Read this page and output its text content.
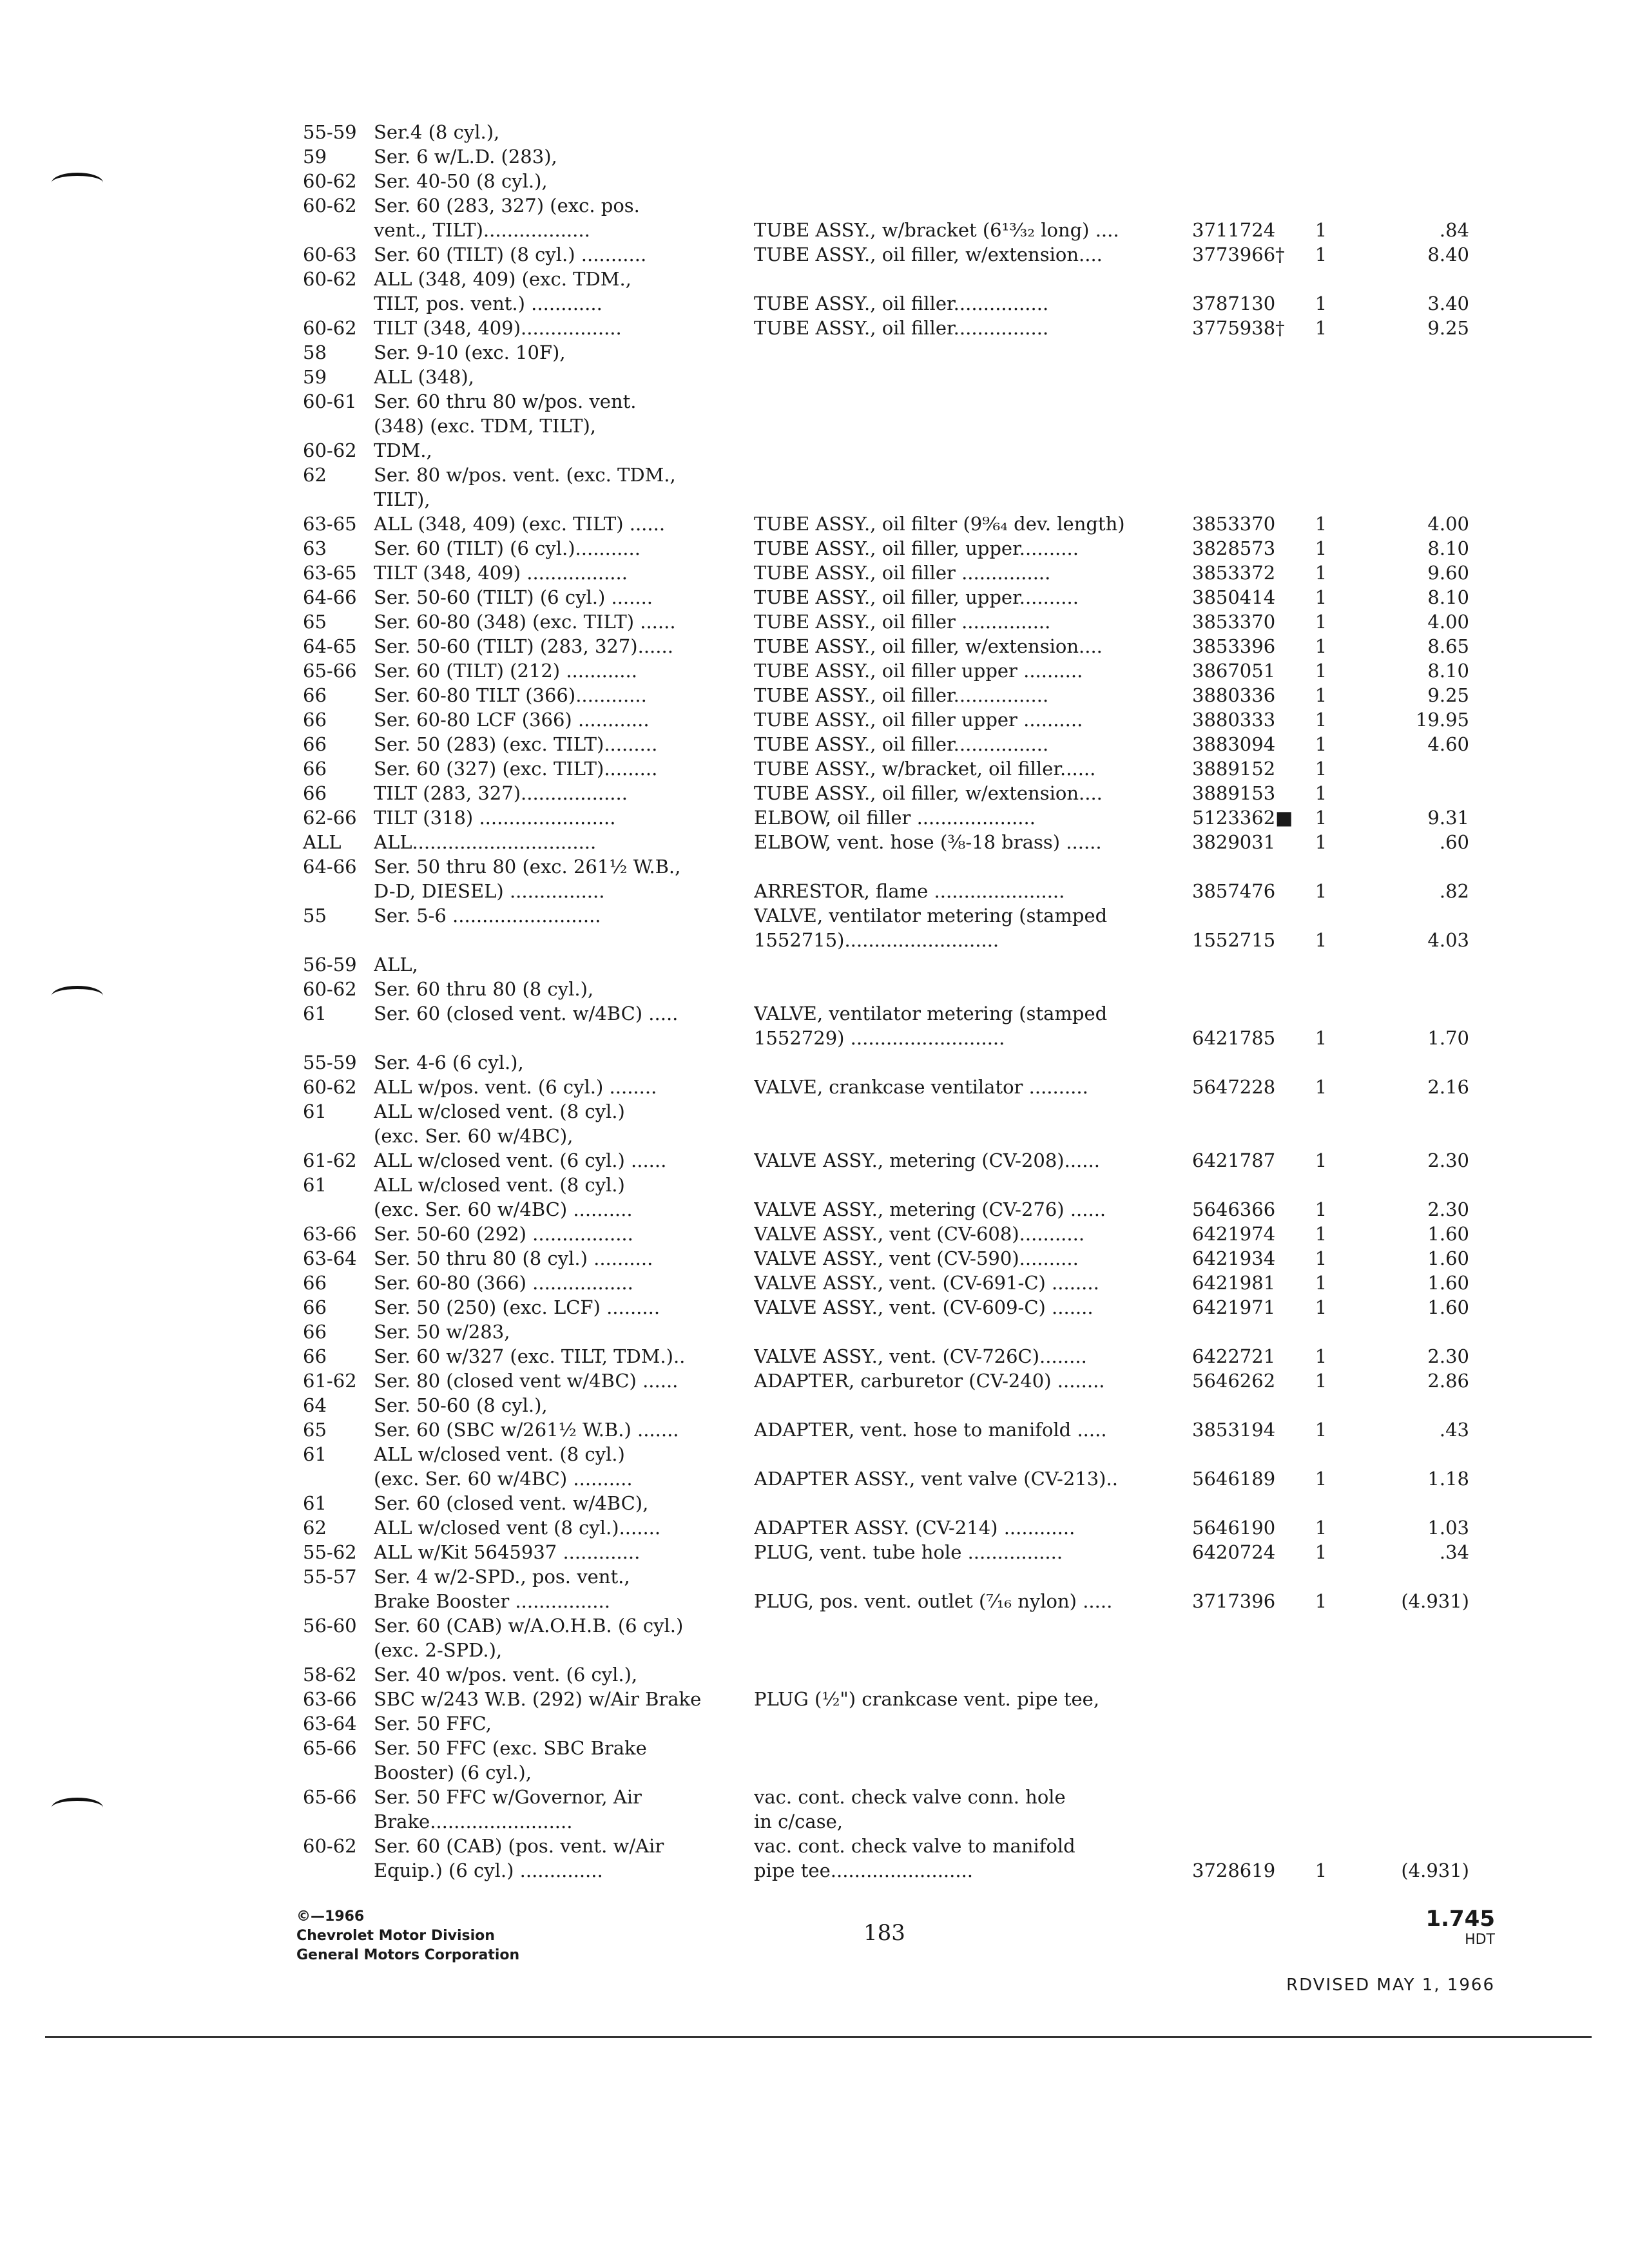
55-59 Ser.4 (8 cyl.),
59	Ser. 6 w/L.D. (283),
60-62 Ser. 40-50 (8 cyl.),
60-62 Ser. 60 (283, 327) (exc. pos.
vent., TILT)..................	TUBE ASSY., w/bracket (6¹³⁄₃₂ long) ....	3711724	1	.84
60-63 Ser. 60 (TILT) (8 cyl.) ...........	TUBE ASSY., oil filler, w/extension....	3773966†	1	8.40
60-62 ALL (348, 409) (exc. TDM.,
TILT, pos. vent.) ............	TUBE ASSY., oil filler................	3787130	1	3.40
60-62 TILT (348, 409).................	TUBE ASSY., oil filler................	3775938†	1	9.25
58	Ser. 9-10 (exc. 10F),
59	ALL (348),
60-61 Ser. 60 thru 80 w/pos. vent.
(348) (exc. TDM, TILT),
60-62 TDM.,
62	Ser. 80 w/pos. vent. (exc. TDM.,
TILT),
63-65 ALL (348, 409) (exc. TILT) ......	TUBE ASSY., oil filter (9⁹⁄₆₄ dev. length)	3853370	1	4.00
63	Ser. 60 (TILT) (6 cyl.)...........	TUBE ASSY., oil filler, upper..........	3828573	1	8.10
63-65 TILT (348, 409) .................	TUBE ASSY., oil filler ...............	3853372	1	9.60
64-66 Ser. 50-60 (TILT) (6 cyl.) .......	TUBE ASSY., oil filler, upper..........	3850414	1	8.10
65	Ser. 60-80 (348) (exc. TILT) ......	TUBE ASSY., oil filler ...............	3853370	1	4.00
64-65 Ser. 50-60 (TILT) (283, 327)......	TUBE ASSY., oil filler, w/extension....	3853396	1	8.65
65-66 Ser. 60 (TILT) (212) ............	TUBE ASSY., oil filler upper ..........	3867051	1	8.10
66	Ser. 60-80 TILT (366)............	TUBE ASSY., oil filler................	3880336	1	9.25
66	Ser. 60-80 LCF (366) ............	TUBE ASSY., oil filler upper ..........	3880333	1	19.95
66	Ser. 50 (283) (exc. TILT).........	TUBE ASSY., oil filler................	3883094	1	4.60
66	Ser. 60 (327) (exc. TILT).........	TUBE ASSY., w/bracket, oil filler......	3889152	1
66	TILT (283, 327)..................	TUBE ASSY., oil filler, w/extension....	3889153	1
62-66 TILT (318) .......................	ELBOW, oil filler ....................	5123362■	1	9.31
ALL	ALL...............................	ELBOW, vent. hose (⅜-18 brass) ......	3829031	1	.60
64-66 Ser. 50 thru 80 (exc. 261½ W.B.,
D-D, DIESEL) ................	ARRESTOR, flame ......................	3857476	1	.82
55	Ser. 5-6 .........................	VALVE, ventilator metering (stamped
1552715)..........................	1552715	1	4.03
56-59 ALL,
60-62 Ser. 60 thru 80 (8 cyl.),
61	Ser. 60 (closed vent. w/4BC) .....	VALVE, ventilator metering (stamped
1552729) ..........................	6421785	1	1.70
55-59 Ser. 4-6 (6 cyl.),
60-62 ALL w/pos. vent. (6 cyl.) ........	VALVE, crankcase ventilator ..........	5647228	1	2.16
61	ALL w/closed vent. (8 cyl.)
(exc. Ser. 60 w/4BC),
61-62 ALL w/closed vent. (6 cyl.) ......	VALVE ASSY., metering (CV-208)......	6421787	1	2.30
61	ALL w/closed vent. (8 cyl.)
(exc. Ser. 60 w/4BC) ..........	VALVE ASSY., metering (CV-276) ......	5646366	1	2.30
63-66 Ser. 50-60 (292) .................	VALVE ASSY., vent (CV-608)...........	6421974	1	1.60
63-64 Ser. 50 thru 80 (8 cyl.) ..........	VALVE ASSY., vent (CV-590)..........	6421934	1	1.60
66	Ser. 60-80 (366) .................	VALVE ASSY., vent. (CV-691-C) ........	6421981	1	1.60
66	Ser. 50 (250) (exc. LCF) .........	VALVE ASSY., vent. (CV-609-C) .......	6421971	1	1.60
66	Ser. 50 w/283,
66	Ser. 60 w/327 (exc. TILT, TDM.)..	VALVE ASSY., vent. (CV-726C)........	6422721	1	2.30
61-62 Ser. 80 (closed vent w/4BC) ......	ADAPTER, carburetor (CV-240) ........	5646262	1	2.86
64	Ser. 50-60 (8 cyl.),
65	Ser. 60 (SBC w/261½ W.B.) .......	ADAPTER, vent. hose to manifold .....	3853194	1	.43
61	ALL w/closed vent. (8 cyl.)
(exc. Ser. 60 w/4BC) ..........	ADAPTER ASSY., vent valve (CV-213)..	5646189	1	1.18
61	Ser. 60 (closed vent. w/4BC),
62	ALL w/closed vent (8 cyl.).......	ADAPTER ASSY. (CV-214) ............	5646190	1	1.03
55-62 ALL w/Kit 5645937 .............	PLUG, vent. tube hole ................	6420724	1	.34
55-57 Ser. 4 w/2-SPD., pos. vent.,
Brake Booster ................	PLUG, pos. vent. outlet (⁷⁄₁₆ nylon) .....	3717396	1	(4.931)
56-60 Ser. 60 (CAB) w/A.O.H.B. (6 cyl.)
(exc. 2-SPD.),
58-62 Ser. 40 w/pos. vent. (6 cyl.),
63-66 SBC w/243 W.B. (292) w/Air Brake	PLUG (½") crankcase vent. pipe tee,
63-64 Ser. 50 FFC,
65-66 Ser. 50 FFC (exc. SBC Brake
Booster) (6 cyl.),
65-66 Ser. 50 FFC w/Governor, Air	vac. cont. check valve conn. hole
Brake........................	in c/case,
60-62 Ser. 60 (CAB) (pos. vent. w/Air	vac. cont. check valve to manifold
Equip.) (6 cyl.) ..............	pipe tee........................	3728619	1	(4.931)
©—1966
Chevrolet Motor Division
General Motors Corporation
183
1.745
HDT
RDVISED MAY 1, 1966
